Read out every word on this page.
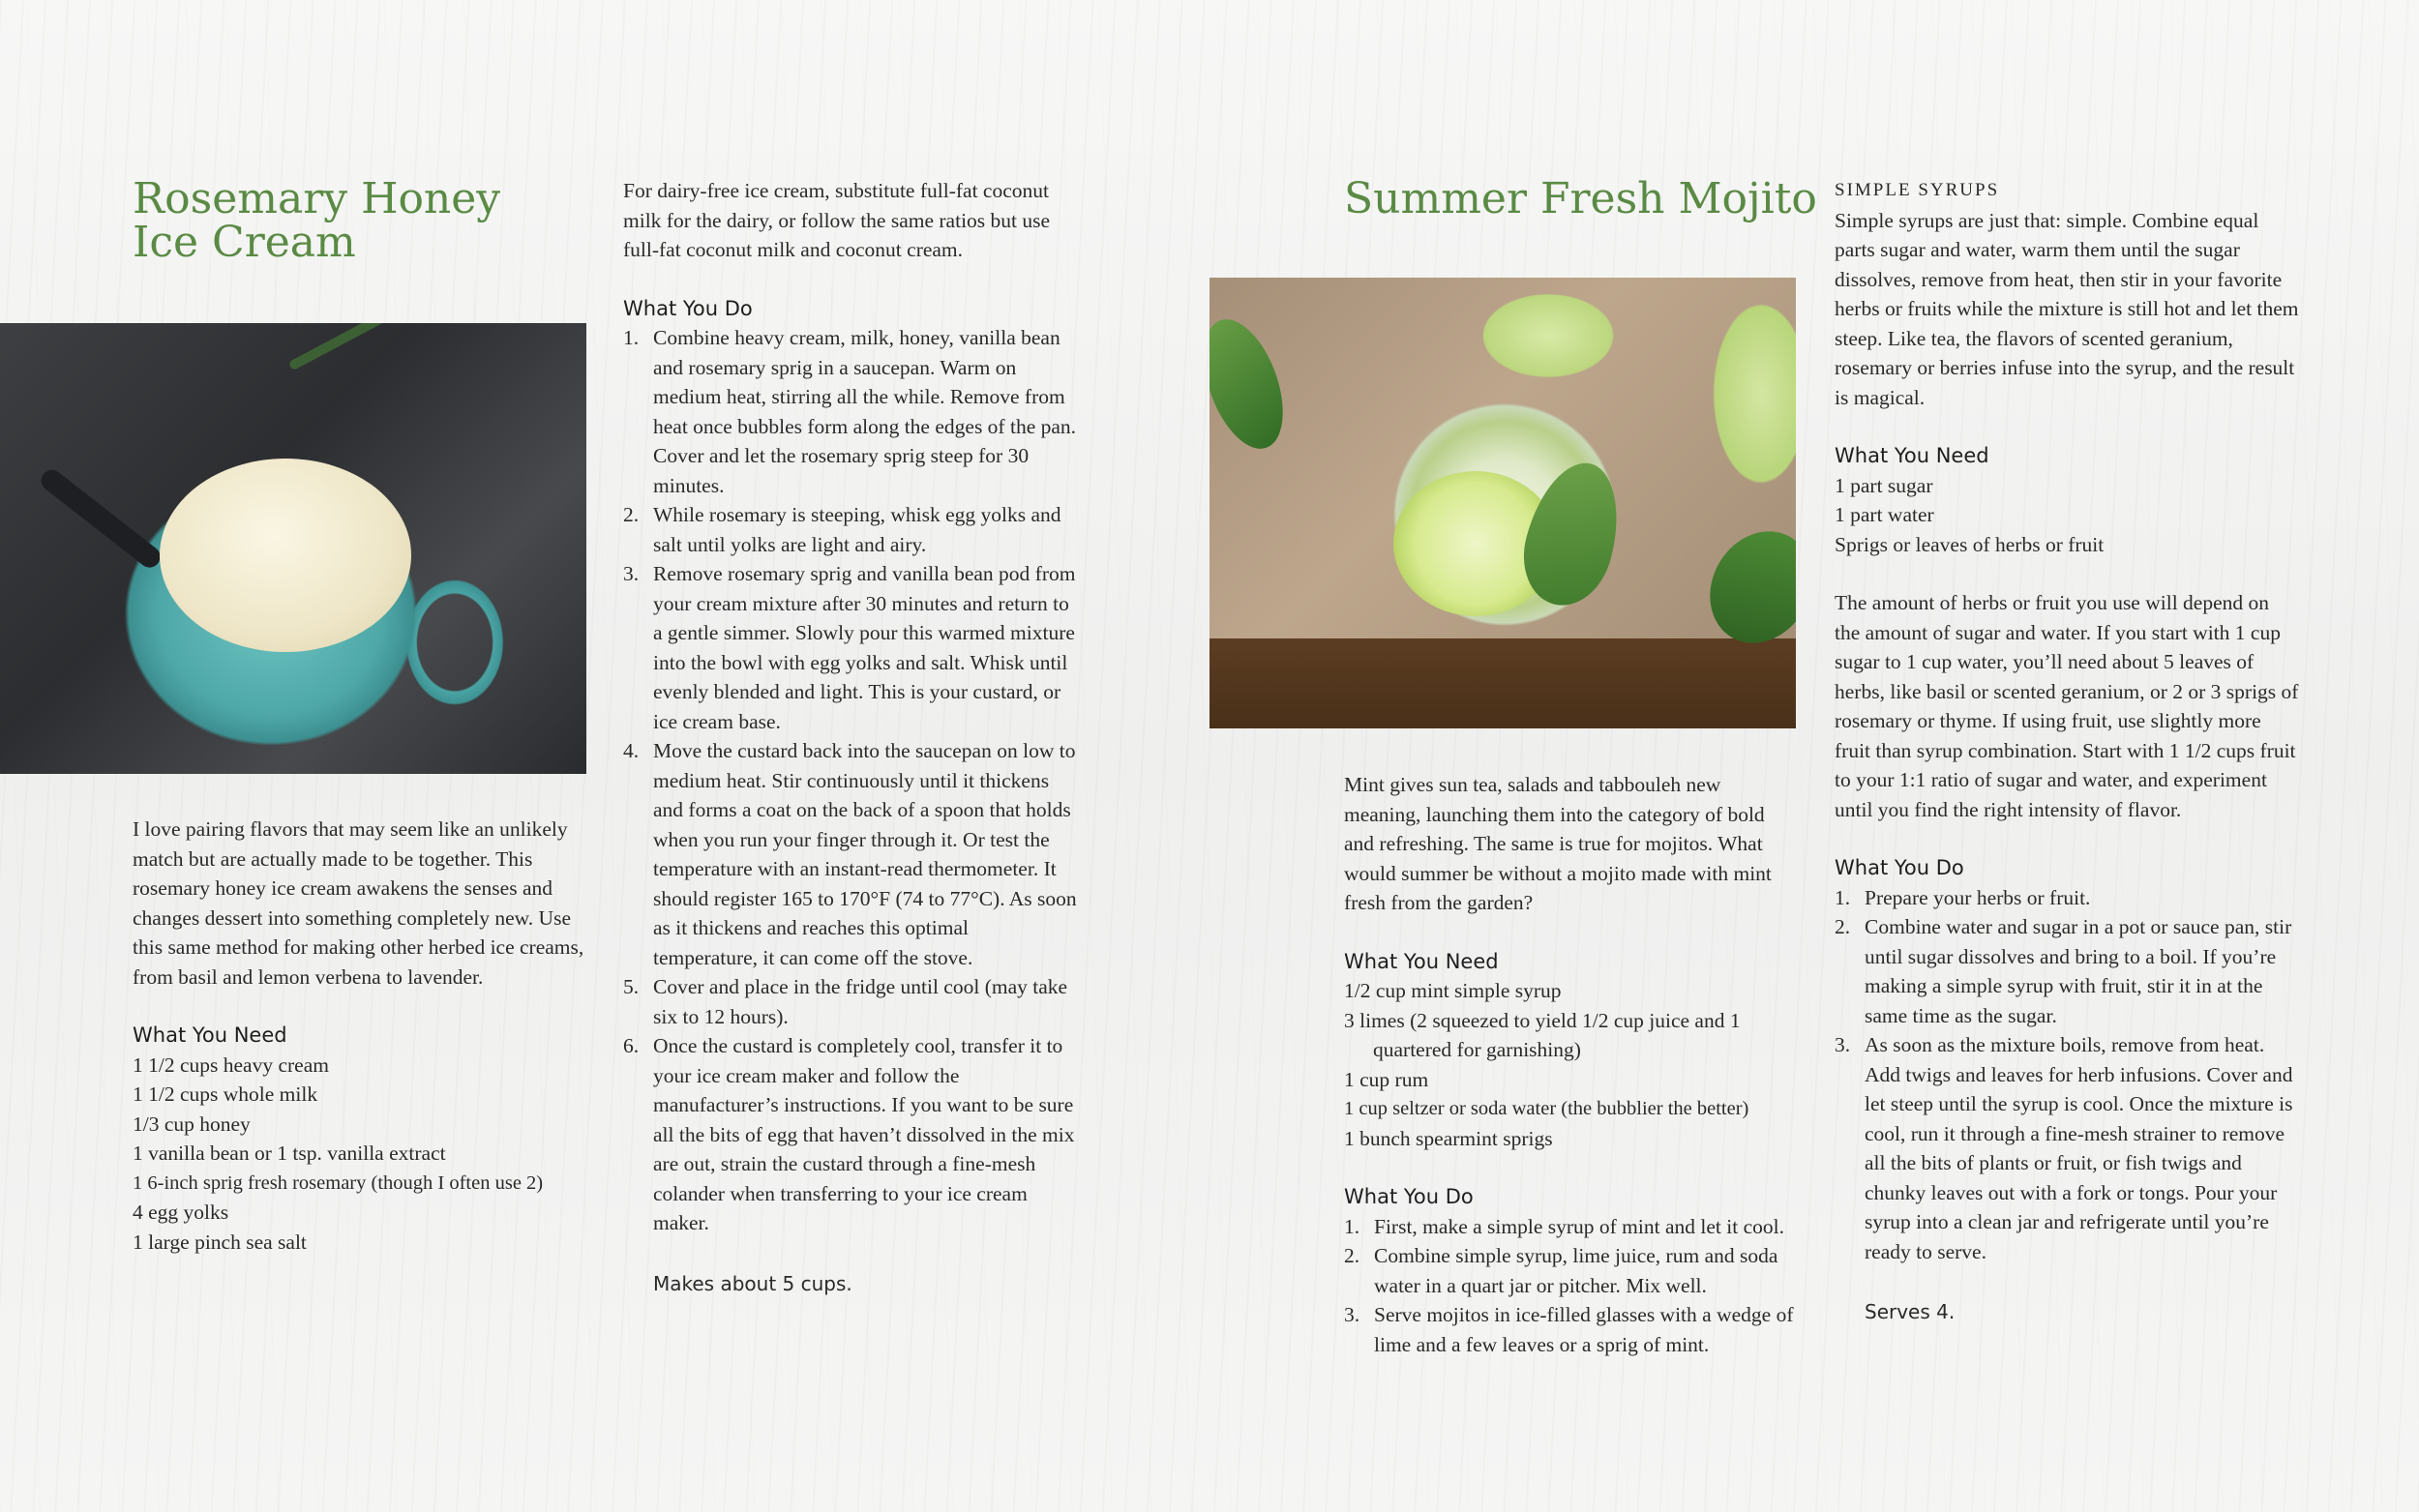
Rosemary Honey
Ice Cream

I love pairing flavors that may seem like an unlikely match but are actually made to be together. This rosemary honey ice cream awakens the senses and changes dessert into something completely new. Use this same method for making other herbed ice creams, from basil and lemon verbena to lavender.

What You Need
1 1/2 cups heavy cream
1 1/2 cups whole milk
1/3 cup honey
1 vanilla bean or 1 tsp. vanilla extract
1 6-inch sprig fresh rosemary (though I often use 2)
4 egg yolks
1 large pinch sea salt

For dairy-free ice cream, substitute full-fat coconut milk for the dairy, or follow the same ratios but use full-fat coconut milk and coconut cream.

What You Do
1. Combine heavy cream, milk, honey, vanilla bean and rosemary sprig in a saucepan. Warm on medium heat, stirring all the while. Remove from heat once bubbles form along the edges of the pan. Cover and let the rosemary sprig steep for 30 minutes.
2. While rosemary is steeping, whisk egg yolks and salt until yolks are light and airy.
3. Remove rosemary sprig and vanilla bean pod from your cream mixture after 30 minutes and return to a gentle simmer. Slowly pour this warmed mixture into the bowl with egg yolks and salt. Whisk until evenly blended and light. This is your custard, or ice cream base.
4. Move the custard back into the saucepan on low to medium heat. Stir continuously until it thickens and forms a coat on the back of a spoon that holds when you run your finger through it. Or test the temperature with an instant-read thermometer. It should register 165 to 170°F (74 to 77°C). As soon as it thickens and reaches this optimal temperature, it can come off the stove.
5. Cover and place in the fridge until cool (may take six to 12 hours).
6. Once the custard is completely cool, transfer it to your ice cream maker and follow the manufacturer’s instructions. If you want to be sure all the bits of egg that haven’t dissolved in the mix are out, strain the custard through a fine-mesh colander when transferring to your ice cream maker.
Makes about 5 cups.
Summer Fresh Mojito

Mint gives sun tea, salads and tabbouleh new meaning, launching them into the category of bold and refreshing. The same is true for mojitos. What would summer be without a mojito made with mint fresh from the garden?

What You Need
1/2 cup mint simple syrup
3 limes (2 squeezed to yield 1/2 cup juice and 1 quartered for garnishing)
1 cup rum
1 cup seltzer or soda water (the bubblier the better)
1 bunch spearmint sprigs
What You Do
1. First, make a simple syrup of mint and let it cool.
2. Combine simple syrup, lime juice, rum and soda water in a quart jar or pitcher. Mix well.
3. Serve mojitos in ice-filled glasses with a wedge of lime and a few leaves or a sprig of mint.
SIMPLE SYRUPS

Simple syrups are just that: simple. Combine equal parts sugar and water, warm them until the sugar dissolves, remove from heat, then stir in your favorite herbs or fruits while the mixture is still hot and let them steep. Like tea, the flavors of scented geranium, rosemary or berries infuse into the syrup, and the result is magical.

What You Need
1 part sugar
1 part water
Sprigs or leaves of herbs or fruit

The amount of herbs or fruit you use will depend on the amount of sugar and water. If you start with 1 cup sugar to 1 cup water, you’ll need about 5 leaves of herbs, like basil or scented geranium, or 2 or 3 sprigs of rosemary or thyme. If using fruit, use slightly more fruit than syrup combination. Start with 1 1/2 cups fruit to your 1:1 ratio of sugar and water, and experiment until you find the right intensity of flavor.

What You Do
1. Prepare your herbs or fruit.
2. Combine water and sugar in a pot or sauce pan, stir until sugar dissolves and bring to a boil. If you’re making a simple syrup with fruit, stir it in at the same time as the sugar.
3. As soon as the mixture boils, remove from heat. Add twigs and leaves for herb infusions. Cover and let steep until the syrup is cool. Once the mixture is cool, run it through a fine-mesh strainer to remove all the bits of plants or fruit, or fish twigs and chunky leaves out with a fork or tongs. Pour your syrup into a clean jar and refrigerate until you’re ready to serve.
Serves 4.
